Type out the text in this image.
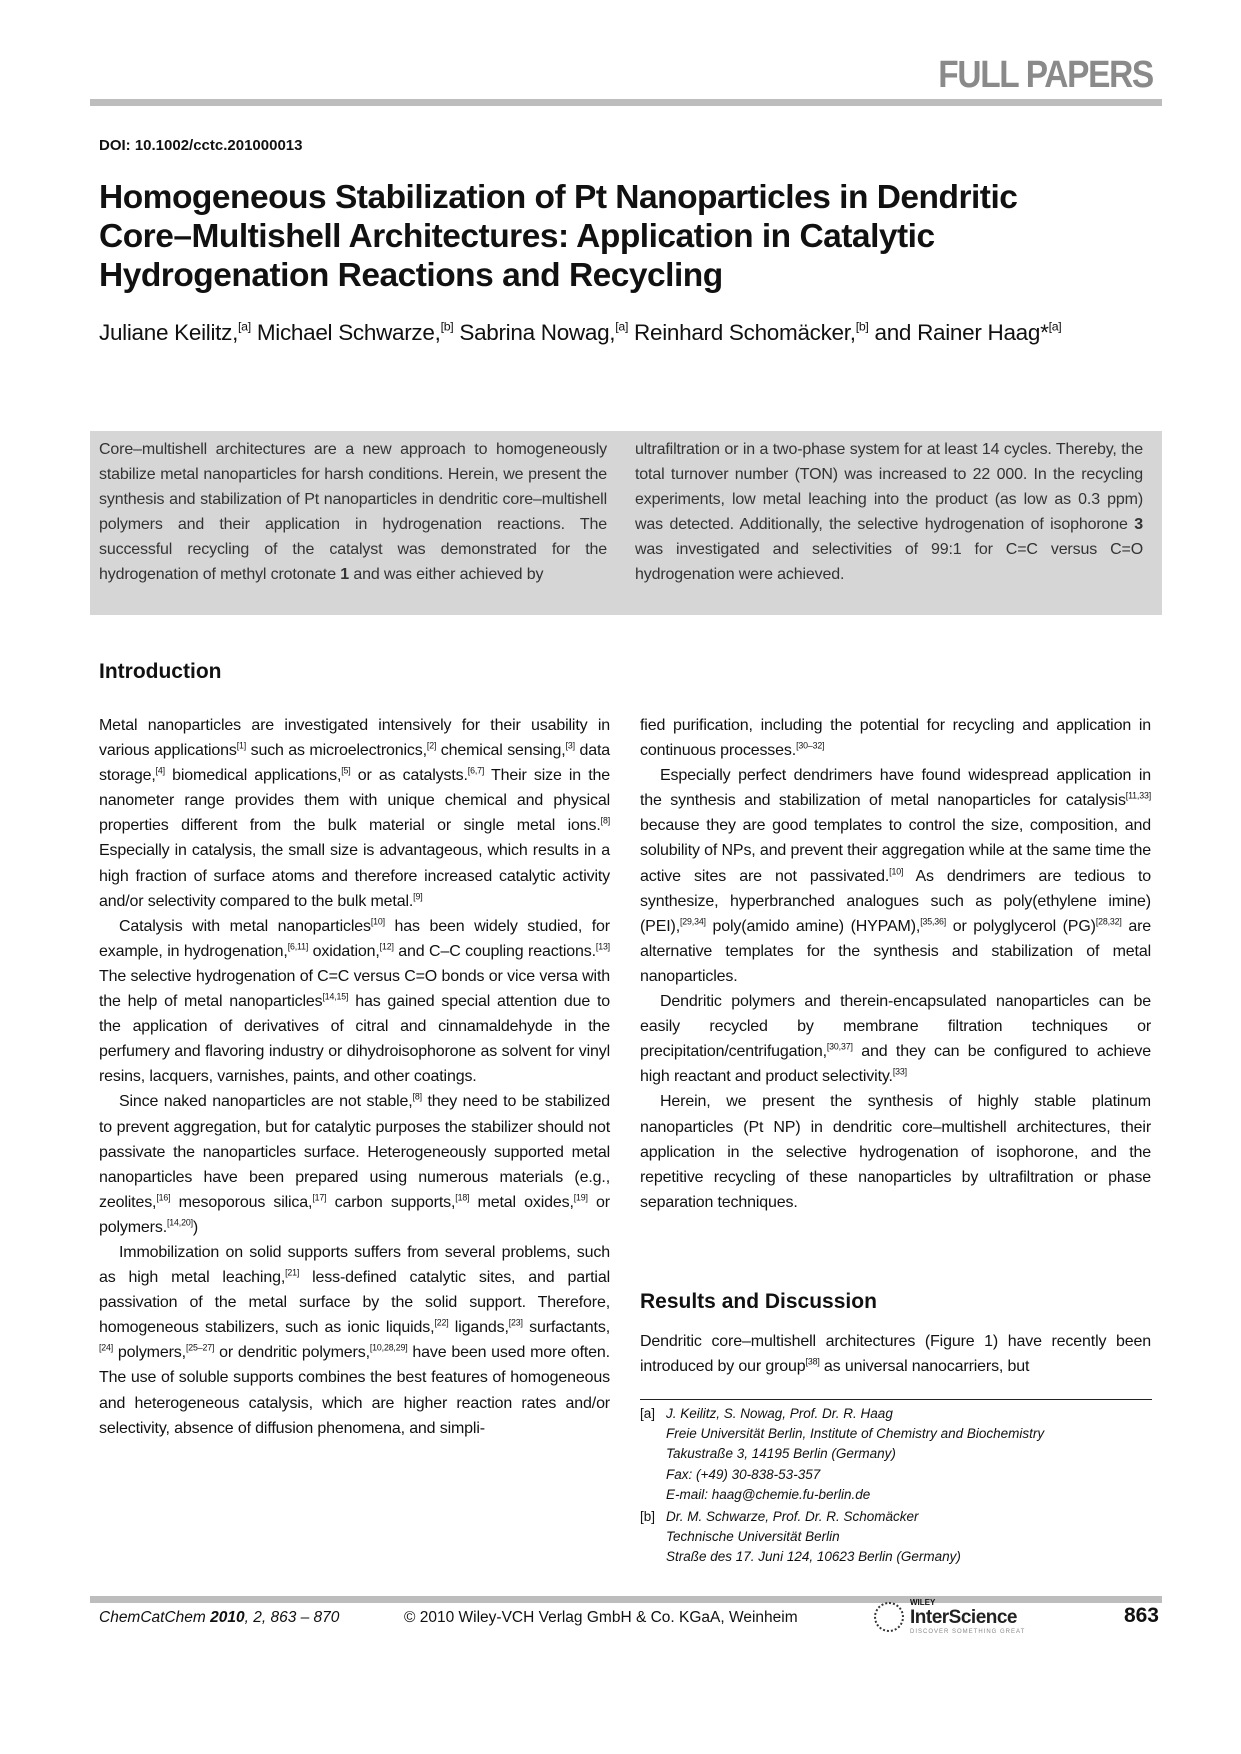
FULL PAPERS
DOI: 10.1002/cctc.201000013
Homogeneous Stabilization of Pt Nanoparticles in Dendritic Core–Multishell Architectures: Application in Catalytic Hydrogenation Reactions and Recycling
Juliane Keilitz,[a] Michael Schwarze,[b] Sabrina Nowag,[a] Reinhard Schomäcker,[b] and Rainer Haag*[a]
Core–multishell architectures are a new approach to homogeneously stabilize metal nanoparticles for harsh conditions. Herein, we present the synthesis and stabilization of Pt nanoparticles in dendritic core–multishell polymers and their application in hydrogenation reactions. The successful recycling of the catalyst was demonstrated for the hydrogenation of methyl crotonate 1 and was either achieved by
ultrafiltration or in a two-phase system for at least 14 cycles. Thereby, the total turnover number (TON) was increased to 22 000. In the recycling experiments, low metal leaching into the product (as low as 0.3 ppm) was detected. Additionally, the selective hydrogenation of isophorone 3 was investigated and selectivities of 99:1 for C=C versus C=O hydrogenation were achieved.
Introduction

Metal nanoparticles are investigated intensively for their usability in various applications[1] such as microelectronics,[2] chemical sensing,[3] data storage,[4] biomedical applications,[5] or as catalysts.[6,7] Their size in the nanometer range provides them with unique chemical and physical properties different from the bulk material or single metal ions.[8] Especially in catalysis, the small size is advantageous, which results in a high fraction of surface atoms and therefore increased catalytic activity and/or selectivity compared to the bulk metal.[9]

Catalysis with metal nanoparticles[10] has been widely studied, for example, in hydrogenation,[6,11] oxidation,[12] and C–C coupling reactions.[13] The selective hydrogenation of C=C versus C=O bonds or vice versa with the help of metal nanoparticles[14,15] has gained special attention due to the application of derivatives of citral and cinnamaldehyde in the perfumery and flavoring industry or dihydroisophorone as solvent for vinyl resins, lacquers, varnishes, paints, and other coatings.

Since naked nanoparticles are not stable,[8] they need to be stabilized to prevent aggregation, but for catalytic purposes the stabilizer should not passivate the nanoparticles surface. Heterogeneously supported metal nanoparticles have been prepared using numerous materials (e.g., zeolites,[16] mesoporous silica,[17] carbon supports,[18] metal oxides,[19] or polymers.[14,20])

Immobilization on solid supports suffers from several problems, such as high metal leaching,[21] less-defined catalytic sites, and partial passivation of the metal surface by the solid support. Therefore, homogeneous stabilizers, such as ionic liquids,[22] ligands,[23] surfactants,[24] polymers,[25–27] or dendritic polymers,[10,28,29] have been used more often. The use of soluble supports combines the best features of homogeneous and heterogeneous catalysis, which are higher reaction rates and/or selectivity, absence of diffusion phenomena, and simpli-

fied purification, including the potential for recycling and application in continuous processes.[30–32]

Especially perfect dendrimers have found widespread application in the synthesis and stabilization of metal nanoparticles for catalysis[11,33] because they are good templates to control the size, composition, and solubility of NPs, and prevent their aggregation while at the same time the active sites are not passivated.[10] As dendrimers are tedious to synthesize, hyperbranched analogues such as poly(ethylene imine) (PEI),[29,34] poly(amido amine) (HYPAM),[35,36] or polyglycerol (PG)[28,32] are alternative templates for the synthesis and stabilization of metal nanoparticles.

Dendritic polymers and therein-encapsulated nanoparticles can be easily recycled by membrane filtration techniques or precipitation/centrifugation,[30,37] and they can be configured to achieve high reactant and product selectivity.[33]

Herein, we present the synthesis of highly stable platinum nanoparticles (Pt NP) in dendritic core–multishell architectures, their application in the selective hydrogenation of isophorone, and the repetitive recycling of these nanoparticles by ultrafiltration or phase separation techniques.

Results and Discussion

Dendritic core–multishell architectures (Figure 1) have recently been introduced by our group[38] as universal nanocarriers, but

[a] J. Keilitz, S. Nowag, Prof. Dr. R. Haag
Freie Universität Berlin, Institute of Chemistry and Biochemistry
Takustraße 3, 14195 Berlin (Germany)
Fax: (+49) 30-838-53-357
E-mail: haag@chemie.fu-berlin.de
[b] Dr. M. Schwarze, Prof. Dr. R. Schomäcker
Technische Universität Berlin
Straße des 17. Juni 124, 10623 Berlin (Germany)
ChemCatChem 2010, 2, 863 – 870	© 2010 Wiley-VCH Verlag GmbH & Co. KGaA, Weinheim
WILEY
InterScience
DISCOVER SOMETHING GREAT
863
